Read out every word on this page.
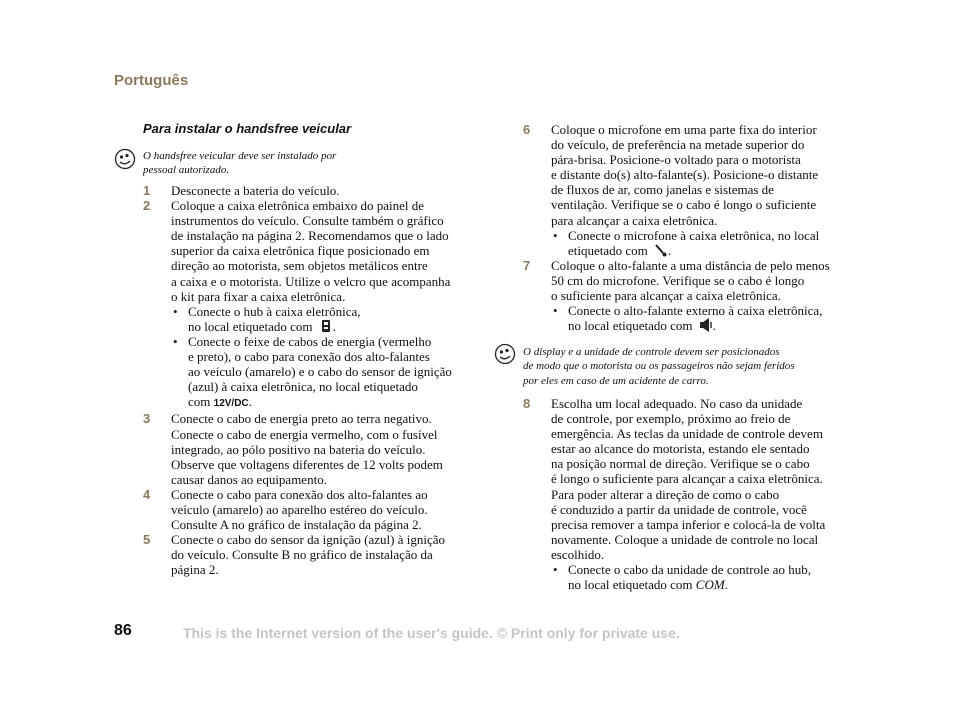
Português
Para instalar o handsfree veicular
O handsfree veicular deve ser instalado por
pessoal autorizado.
1	Desconecte a bateria do veículo.

2	Coloque a caixa eletrônica embaixo do painel de

instrumentos do veículo. Consulte também o gráfico

de instalação na página 2. Recomendamos que o lado

superior da caixa eletrônica fique posicionado em

direção ao motorista, sem objetos metálicos entre

a caixa e o motorista. Utilize o velcro que acompanha

o kit para fixar a caixa eletrônica.

• Conecte o hub à caixa eletrônica,

no local etiquetado com .

• Conecte o feixe de cabos de energia (vermelho

e preto), o cabo para conexão dos alto-falantes

ao veículo (amarelo) e o cabo do sensor de ignição

(azul) à caixa eletrônica, no local etiquetado

com 12V/DC.

3	Conecte o cabo de energia preto ao terra negativo.

Conecte o cabo de energia vermelho, com o fusível

integrado, ao pólo positivo na bateria do veículo.

Observe que voltagens diferentes de 12 volts podem

causar danos ao equipamento.

4	Conecte o cabo para conexão dos alto-falantes ao

veículo (amarelo) ao aparelho estéreo do veículo.

Consulte A no gráfico de instalação da página 2.

5	Conecte o cabo do sensor da ignição (azul) à ignição

do veículo. Consulte B no gráfico de instalação da

página 2.

6	Coloque o microfone em uma parte fixa do interior

do veículo, de preferência na metade superior do

pára-brisa. Posicione-o voltado para o motorista

e distante do(s) alto-falante(s). Posicione-o distante

de fluxos de ar, como janelas e sistemas de

ventilação. Verifique se o cabo é longo o suficiente

para alcançar a caixa eletrônica.

• Conecte o microfone à caixa eletrônica, no local

etiquetado com .

7	Coloque o alto-falante a uma distância de pelo menos

50 cm do microfone. Verifique se o cabo é longo

o suficiente para alcançar a caixa eletrônica.

• Conecte o alto-falante externo à caixa eletrônica,

no local etiquetado com .

O display e a unidade de controle devem ser posicionados
de modo que o motorista ou os passageiros não sejam feridos
por eles em caso de um acidente de carro.
8	Escolha um local adequado. No caso da unidade

de controle, por exemplo, próximo ao freio de

emergência. As teclas da unidade de controle devem

estar ao alcance do motorista, estando ele sentado

na posição normal de direção. Verifique se o cabo

é longo o suficiente para alcançar a caixa eletrônica.

Para poder alterar a direção de como o cabo

é conduzido a partir da unidade de controle, você

precisa remover a tampa inferior e colocá-la de volta

novamente. Coloque a unidade de controle no local

escolhido.

• Conecte o cabo da unidade de controle ao hub,

no local etiquetado com COM.

86	This is the Internet version of the user's guide. © Print only for private use.
